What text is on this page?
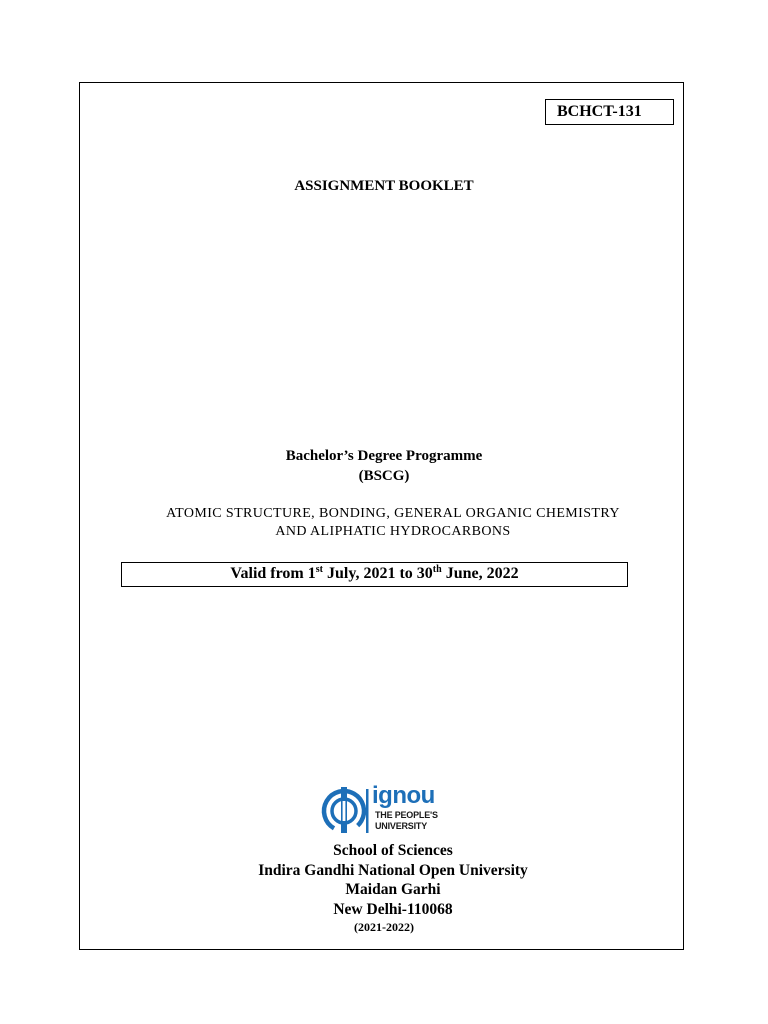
BCHCT-131
ASSIGNMENT BOOKLET
Bachelor’s Degree Programme
(BSCG)
ATOMIC STRUCTURE, BONDING, GENERAL ORGANIC CHEMISTRY
AND ALIPHATIC HYDROCARBONS
Valid from 1st July, 2021 to 30th June, 2022
ignou
THE PEOPLE'S
UNIVERSITY
School of Sciences
Indira Gandhi National Open University
Maidan Garhi
New Delhi-110068
(2021-2022)
